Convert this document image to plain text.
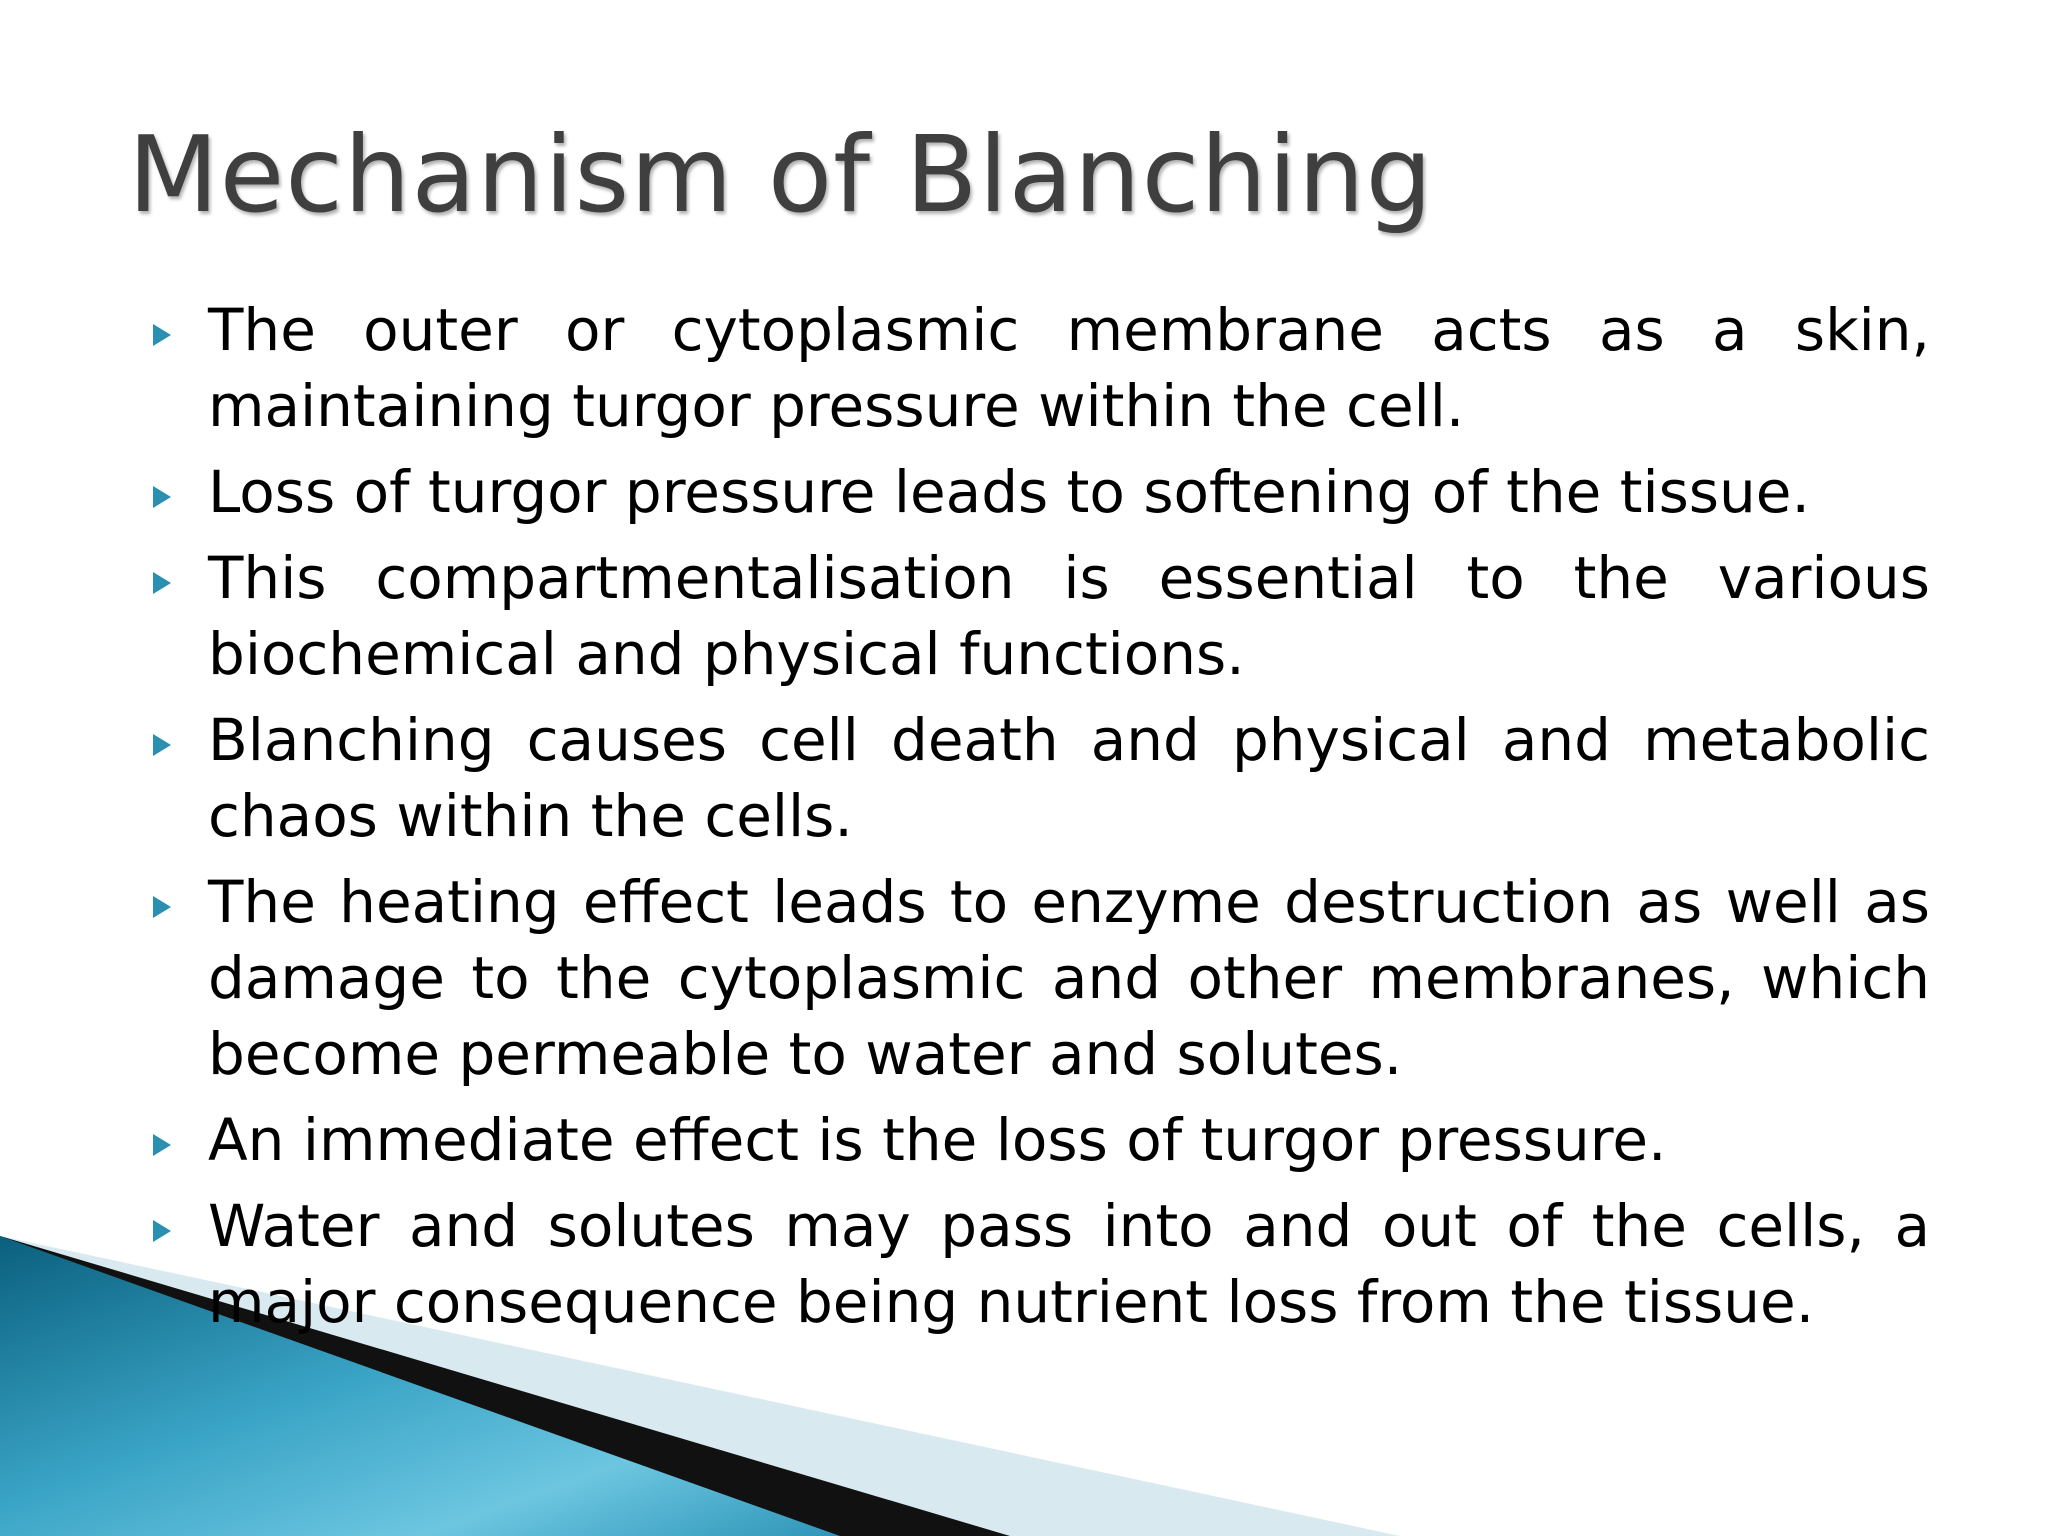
Mechanism of Blanching
The outer or cytoplasmic membrane acts as a skin, maintaining turgor pressure within the cell.
Loss of turgor pressure leads to softening of the tissue.
This compartmentalisation is essential to the various biochemical and physical functions.
Blanching causes cell death and physical and metabolic chaos within the cells.
The heating effect leads to enzyme destruction as well as damage to the cytoplasmic and other membranes, which become permeable to water and solutes.
An immediate effect is the loss of turgor pressure.
Water and solutes may pass into and out of the cells, a major consequence being nutrient loss from the tissue.
